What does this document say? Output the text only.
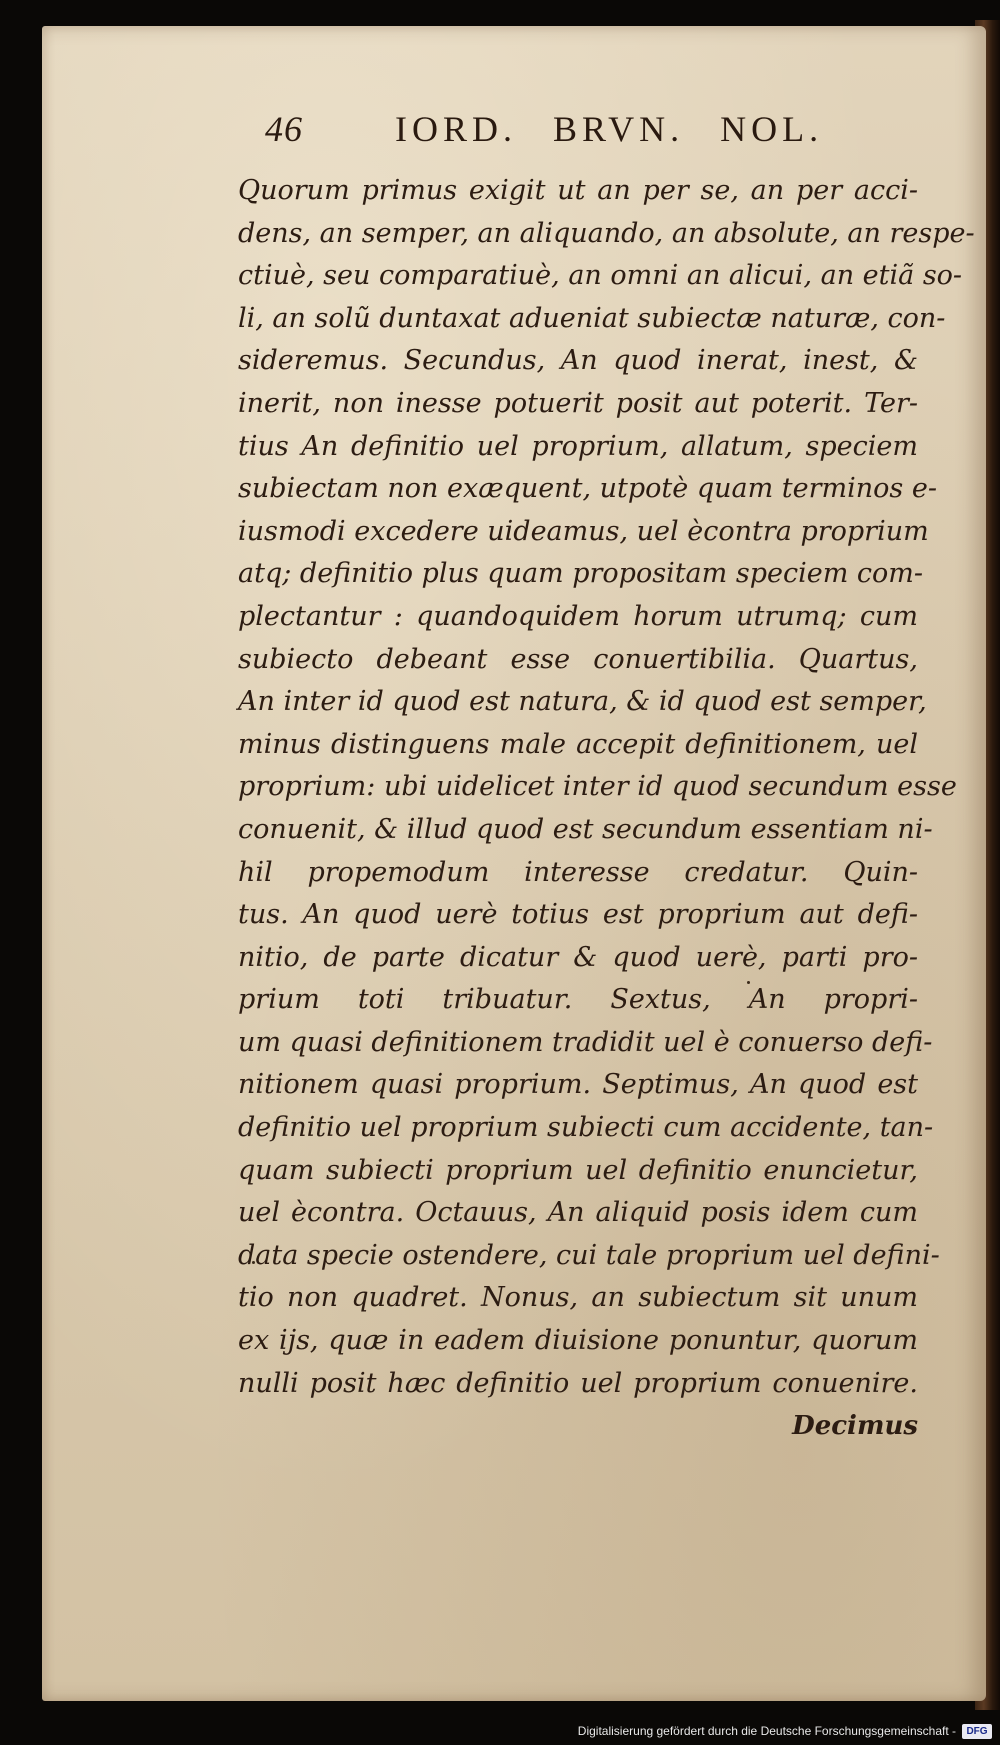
46	IORD. BRVN. NOL.
Quorum primus exigit ut an per se, an per acci-
dens, an semper, an aliquando, an absolute, an respe-
ctiuè, seu comparatiuè, an omni an alicui, an etiã so-
li, an solũ duntaxat adueniat subiectæ naturæ, con-
sideremus. Secundus, An quod inerat, inest, &
inerit, non inesse potuerit posit aut poterit. Ter-
tius An definitio uel proprium, allatum, speciem
subiectam non exæquent, utpotè quam terminos e-
iusmodi excedere uideamus, uel ècontra proprium
atq; definitio plus quam propositam speciem com-
plectantur : quandoquidem horum utrumq; cum
subiecto debeant esse conuertibilia. Quartus,
An inter id quod est natura, & id quod est semper,
minus distinguens male accepit definitionem, uel
proprium: ubi uidelicet inter id quod secundum esse
conuenit, & illud quod est secundum essentiam ni-
hil propemodum interesse credatur. Quin-
tus. An quod uerè totius est proprium aut defi-
nitio, de parte dicatur & quod uerè, parti pro-
prium toti tribuatur. Sextus, An propri-
um quasi definitionem tradidit uel è conuerso defi-
nitionem quasi proprium. Septimus, An quod est
definitio uel proprium subiecti cum accidente, tan-
quam subiecti proprium uel definitio enuncietur,
uel ècontra. Octauus, An aliquid posis idem cum
data specie ostendere, cui tale proprium uel defini-
tio non quadret. Nonus, an subiectum sit unum
ex ijs, quæ in eadem diuisione ponuntur, quorum
nulli posit hæc definitio uel proprium conuenire.
Decimus
Digitalisierung gefördert durch die Deutsche Forschungsgemeinschaft -	DFG
